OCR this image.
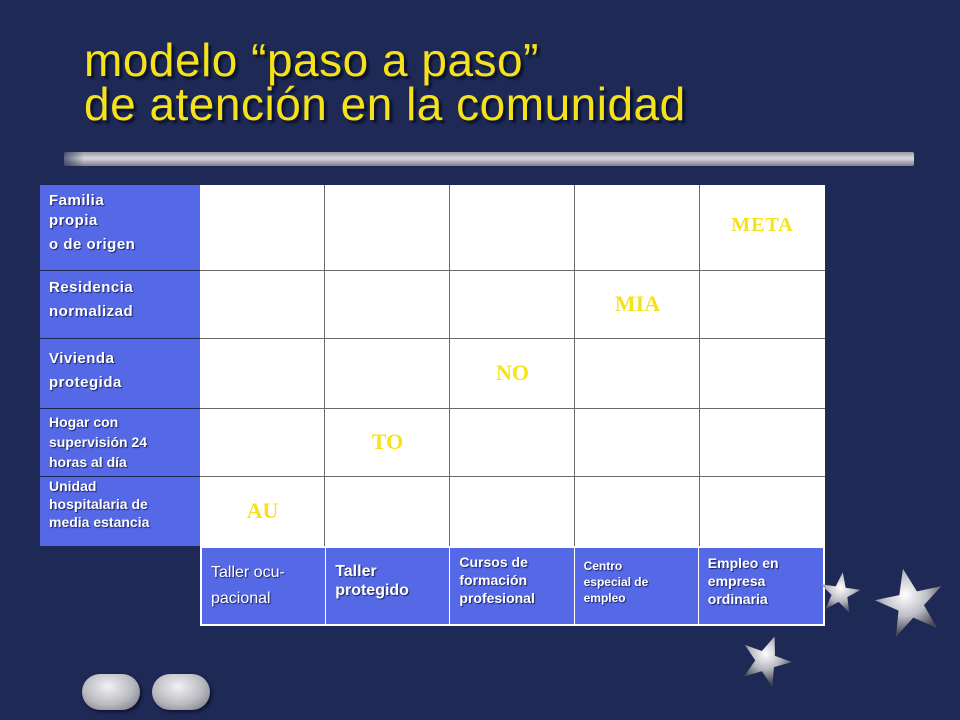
modelo “paso a paso”
de atención en la comunidad
Familia
propia
o de origen
Residencia
normalizad
Vivienda
protegida
Hogar con
supervisión 24
horas al día
Unidad
hospitalaria de
media estancia
META
MIA
NO
TO
AU
Taller ocu-
pacional
Taller
protegido
Cursos de
formación
profesional
Centro
especial de
empleo
Empleo en
empresa
ordinaria
